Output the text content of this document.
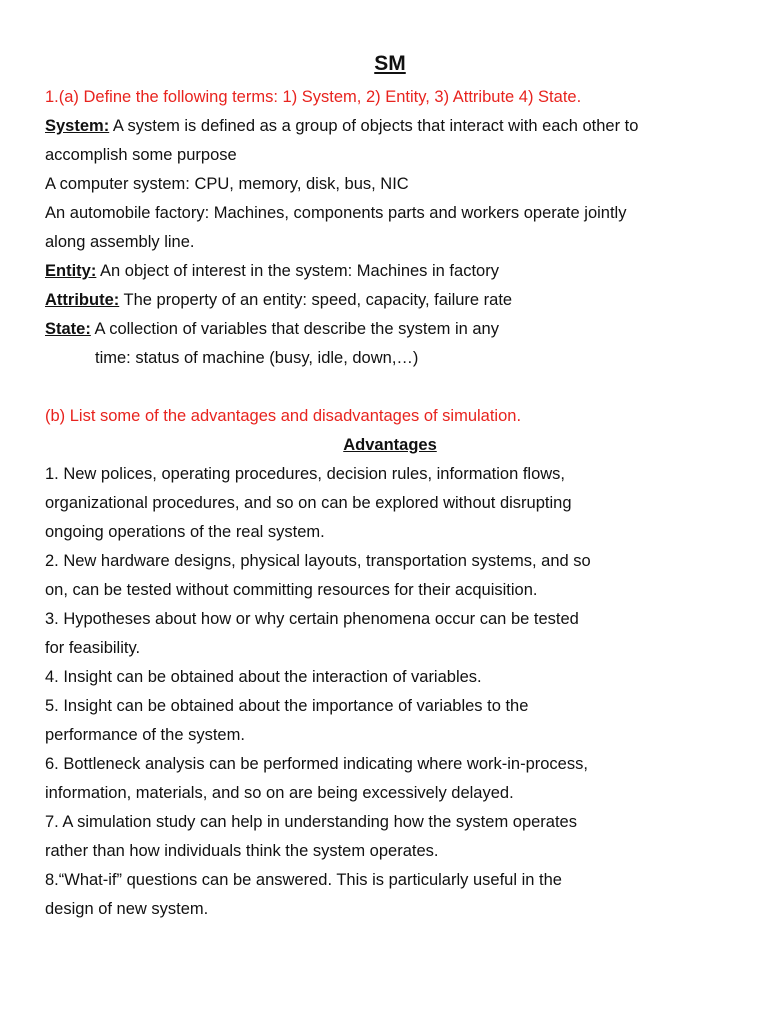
SM
1.(a) Define the following terms: 1) System, 2) Entity, 3) Attribute 4) State.
System: A system is defined as a group of objects that interact with each other to
accomplish some purpose
A computer system: CPU, memory, disk, bus, NIC
An automobile factory: Machines, components parts and workers operate jointly
along assembly line.
Entity: An object of interest in the system: Machines in factory
Attribute: The property of an entity: speed, capacity, failure rate
State: A collection of variables that describe the system in any
time: status of machine (busy, idle, down,…)
(b) List some of the advantages and disadvantages of simulation.
Advantages
1. New polices, operating procedures, decision rules, information flows,
organizational procedures, and so on can be explored without disrupting
ongoing operations of the real system.
2. New hardware designs, physical layouts, transportation systems, and so
on, can be tested without committing resources for their acquisition.
3. Hypotheses about how or why certain phenomena occur can be tested
for feasibility.
4. Insight can be obtained about the interaction of variables.
5. Insight can be obtained about the importance of variables to the
performance of the system.
6. Bottleneck analysis can be performed indicating where work-in-process,
information, materials, and so on are being excessively delayed.
7. A simulation study can help in understanding how the system operates
rather than how individuals think the system operates.
8.“What-if” questions can be answered. This is particularly useful in the
design of new system.
